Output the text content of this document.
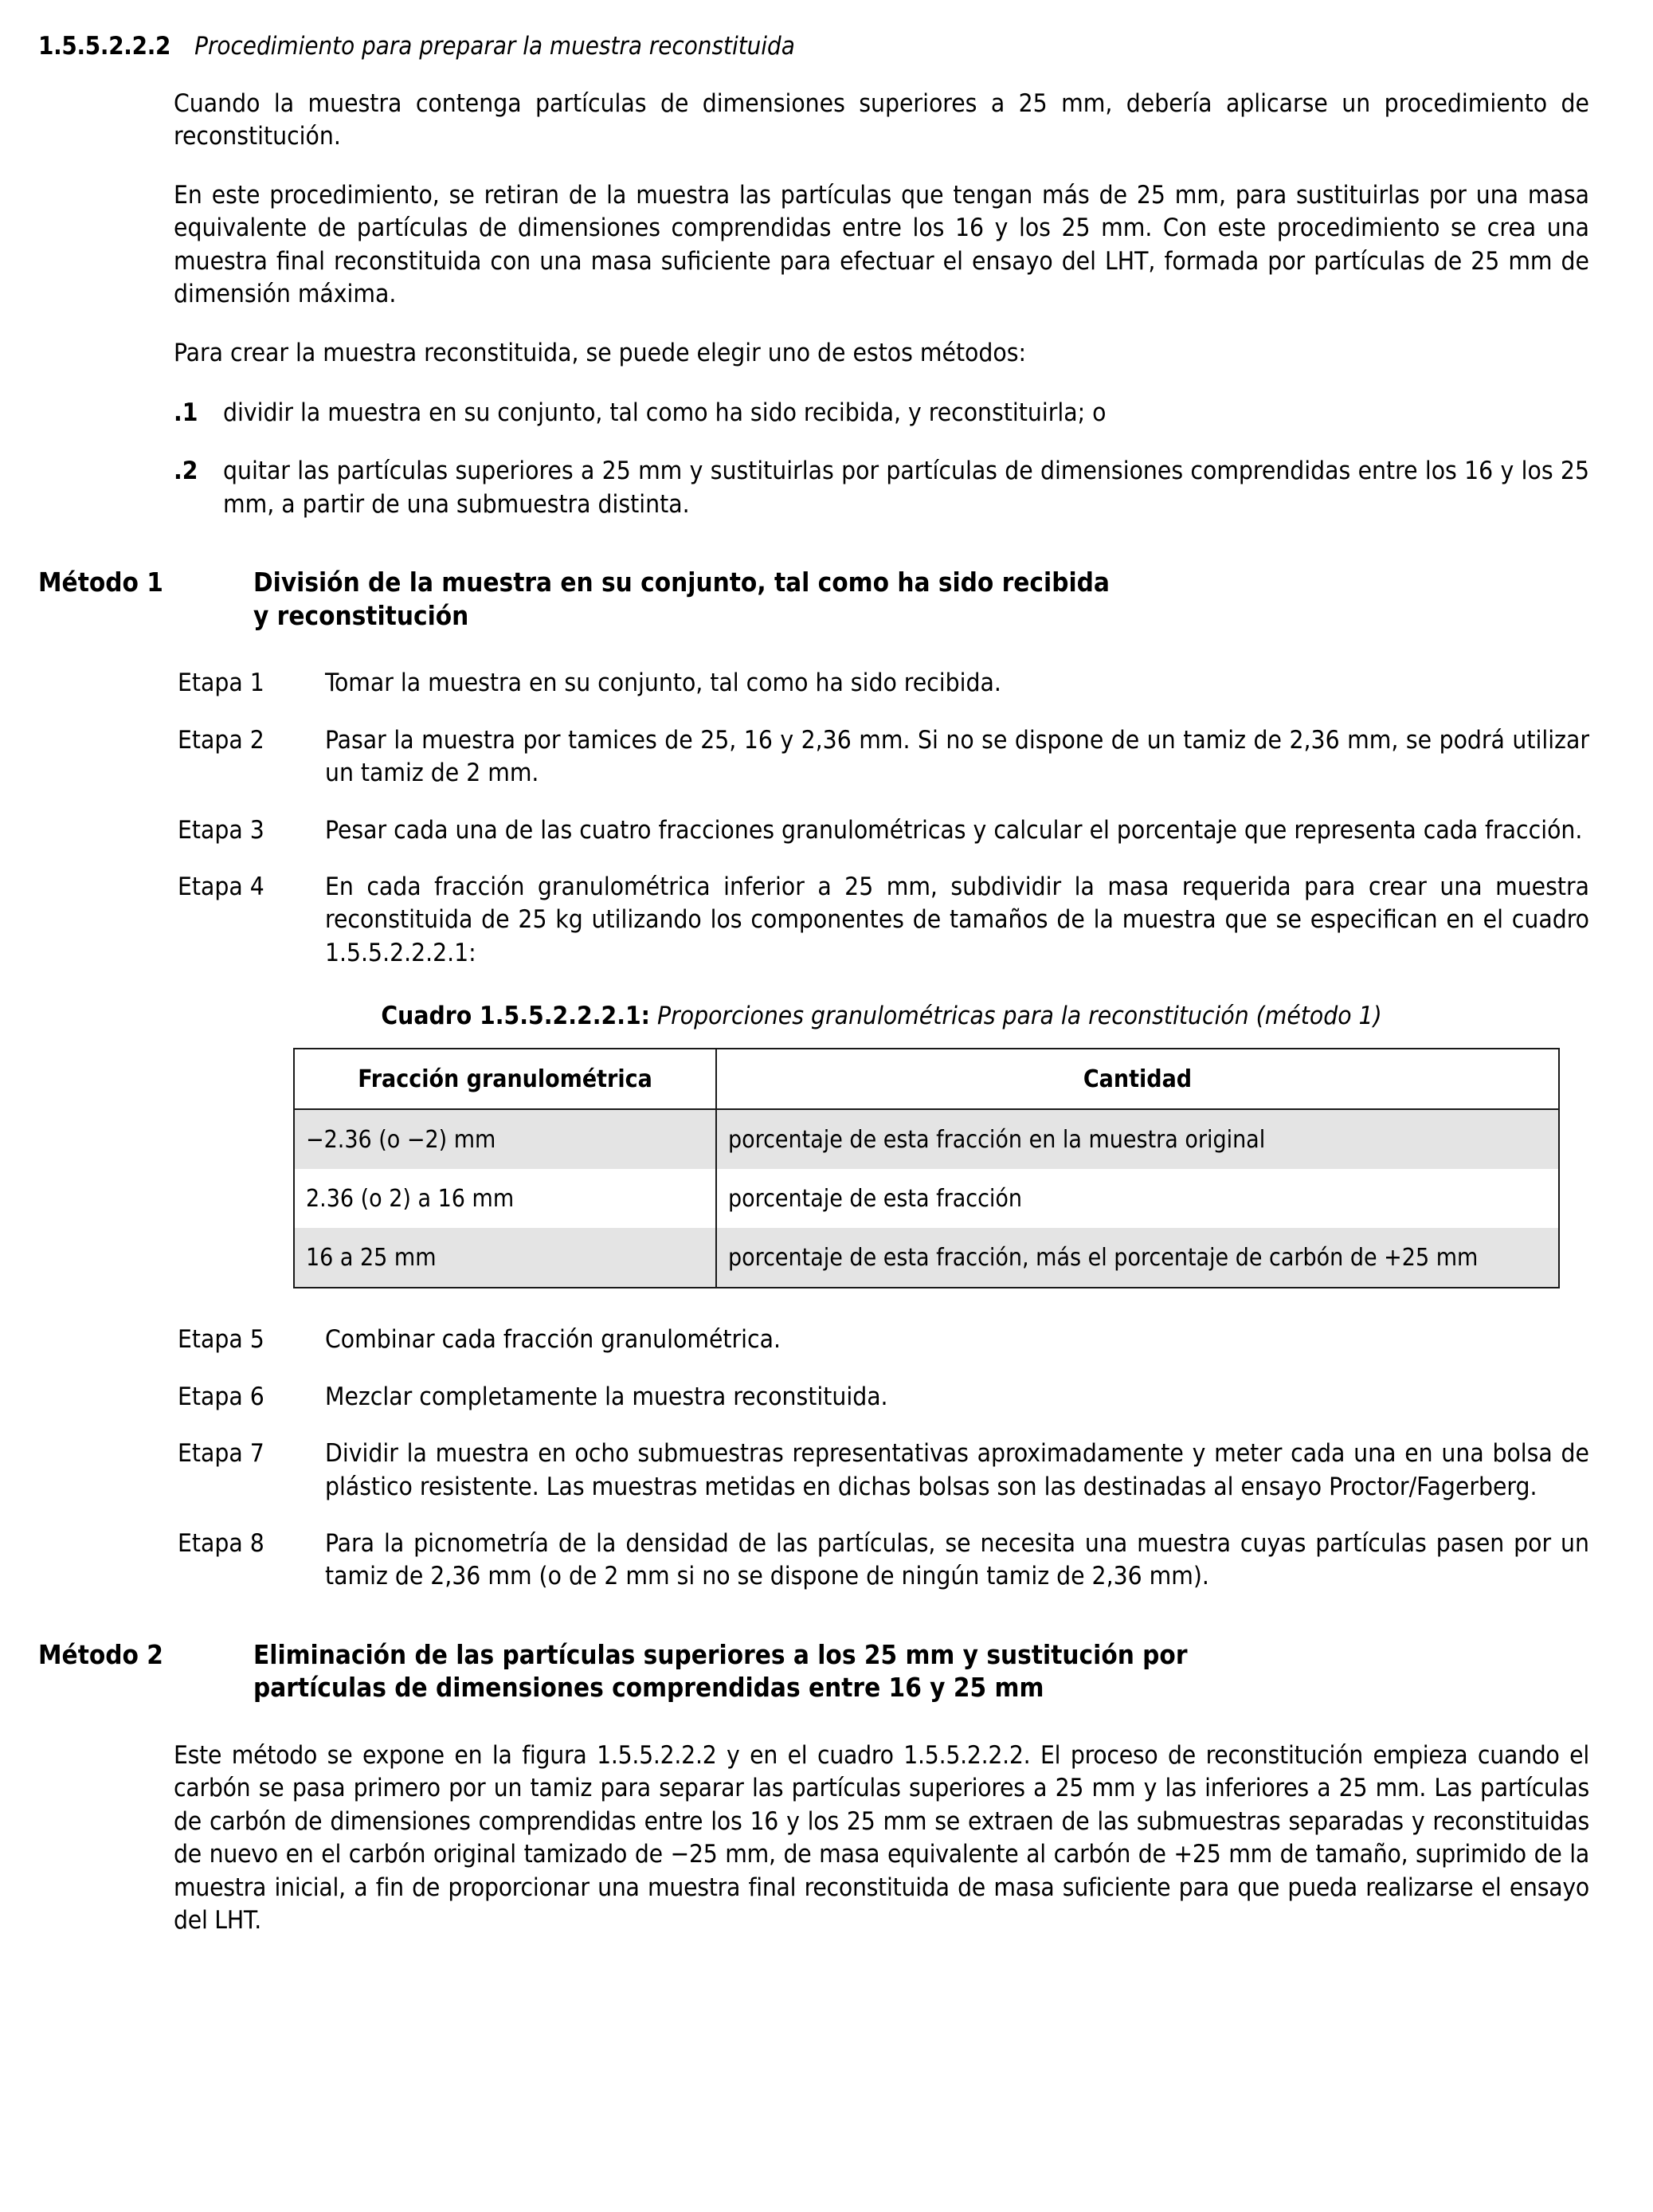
1.5.5.2.2.2 Procedimiento para preparar la muestra reconstituida

Cuando la muestra contenga partículas de dimensiones superiores a 25 mm, debería aplicarse un procedimiento de reconstitución.

En este procedimiento, se retiran de la muestra las partículas que tengan más de 25 mm, para sustituirlas por una masa equivalente de partículas de dimensiones comprendidas entre los 16 y los 25 mm. Con este procedimiento se crea una muestra final reconstituida con una masa suficiente para efectuar el ensayo del LHT, formada por partículas de 25 mm de dimensión máxima.

Para crear la muestra reconstituida, se puede elegir uno de estos métodos:

.1	dividir la muestra en su conjunto, tal como ha sido recibida, y reconstituirla; o
.2	quitar las partículas superiores a 25 mm y sustituirlas por partículas de dimensiones comprendidas entre los 16 y los 25 mm, a partir de una submuestra distinta.
Método 1	División de la muestra en su conjunto, tal como ha sido recibida
y reconstitución
Etapa 1	Tomar la muestra en su conjunto, tal como ha sido recibida.
Etapa 2	Pasar la muestra por tamices de 25, 16 y 2,36 mm. Si no se dispone de un tamiz de 2,36 mm, se podrá utilizar un tamiz de 2 mm.
Etapa 3	Pesar cada una de las cuatro fracciones granulométricas y calcular el porcentaje que representa cada fracción.
Etapa 4	En cada fracción granulométrica inferior a 25 mm, subdividir la masa requerida para crear una muestra reconstituida de 25 kg utilizando los componentes de tamaños de la muestra que se especifican en el cuadro 1.5.5.2.2.2.1:
Cuadro 1.5.5.2.2.2.1: Proporciones granulométricas para la reconstitución (método 1)
Fracción granulométrica	Cantidad
−2.36 (o −2) mm	porcentaje de esta fracción en la muestra original
2.36 (o 2) a 16 mm	porcentaje de esta fracción
16 a 25 mm	porcentaje de esta fracción, más el porcentaje de carbón de +25 mm
Etapa 5	Combinar cada fracción granulométrica.
Etapa 6	Mezclar completamente la muestra reconstituida.
Etapa 7	Dividir la muestra en ocho submuestras representativas aproximadamente y meter cada una en una bolsa de plástico resistente. Las muestras metidas en dichas bolsas son las destinadas al ensayo Proctor/Fagerberg.
Etapa 8	Para la picnometría de la densidad de las partículas, se necesita una muestra cuyas partículas pasen por un tamiz de 2,36 mm (o de 2 mm si no se dispone de ningún tamiz de 2,36 mm).
Método 2	Eliminación de las partículas superiores a los 25 mm y sustitución por
partículas de dimensiones comprendidas entre 16 y 25 mm

Este método se expone en la figura 1.5.5.2.2.2 y en el cuadro 1.5.5.2.2.2. El proceso de reconstitución empieza cuando el carbón se pasa primero por un tamiz para separar las partículas superiores a 25 mm y las inferiores a 25 mm. Las partículas de carbón de dimensiones comprendidas entre los 16 y los 25 mm se extraen de las submuestras separadas y reconstituidas de nuevo en el carbón original tamizado de −25 mm, de masa equivalente al carbón de +25 mm de tamaño, suprimido de la muestra inicial, a fin de proporcionar una muestra final reconstituida de masa suficiente para que pueda realizarse el ensayo del LHT.
